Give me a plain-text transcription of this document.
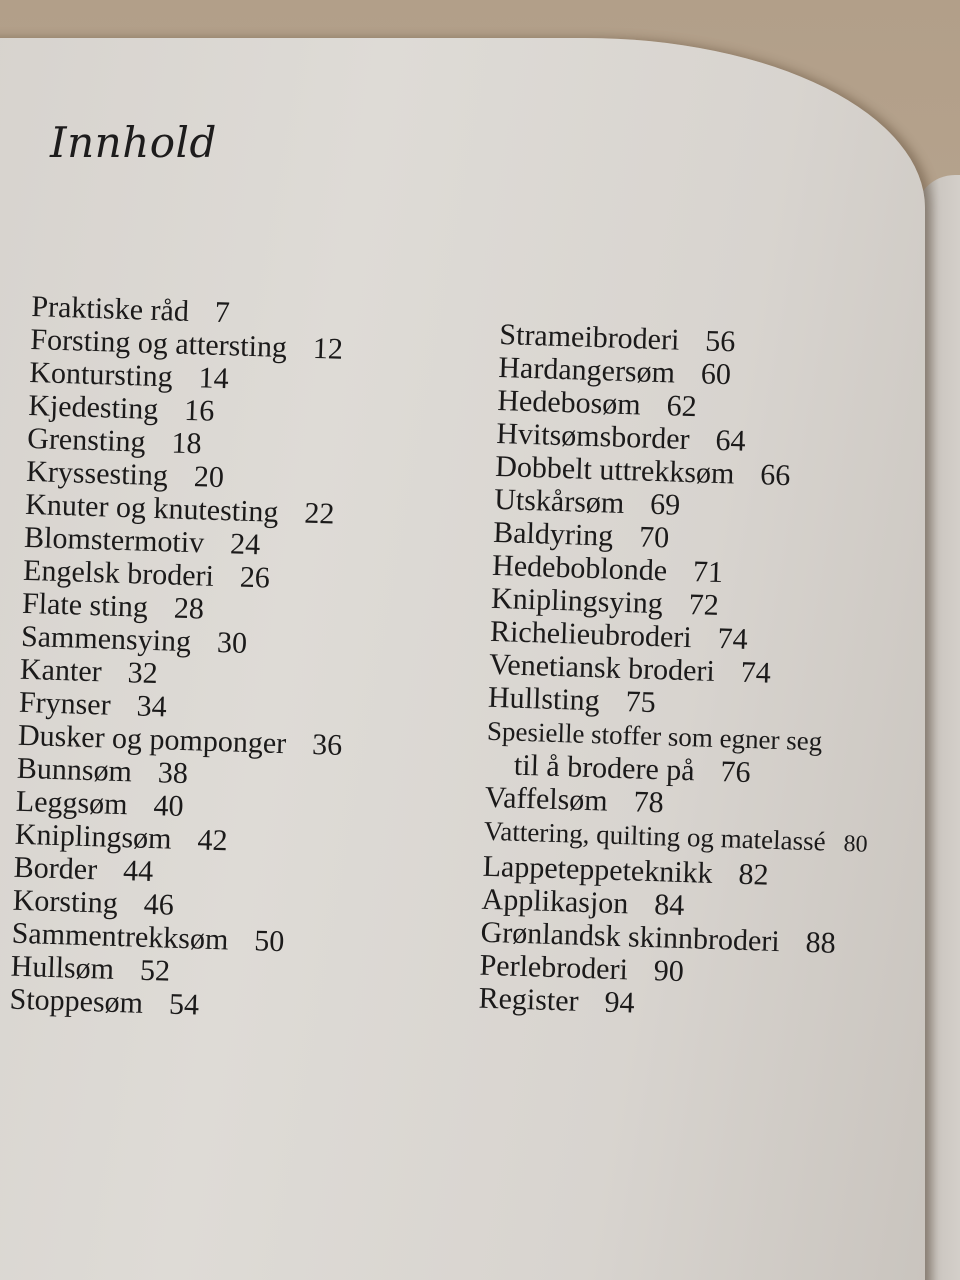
Innhold
Praktiske råd 7
Forsting og attersting 12
Kontursting 14
Kjedesting 16
Grensting 18
Kryssesting 20
Knuter og knutesting 22
Blomstermotiv 24
Engelsk broderi 26
Flate sting 28
Sammensying 30
Kanter 32
Frynser 34
Dusker og pomponger 36
Bunnsøm 38
Leggsøm 40
Kniplingsøm 42
Border 44
Korsting 46
Sammentrekksøm 50
Hullsøm 52
Stoppesøm 54
Strameibroderi 56
Hardangersøm 60
Hedebosøm 62
Hvitsømsborder 64
Dobbelt uttrekksøm 66
Utskårsøm 69
Baldyring 70
Hedeboblonde 71
Kniplingsying 72
Richelieubroderi 74
Venetiansk broderi 74
Hullsting 75
Spesielle stoffer som egner seg
til å brodere på 76
Vaffelsøm 78
Vattering, quilting og matelassé 80
Lappeteppeteknikk 82
Applikasjon 84
Grønlandsk skinnbroderi 88
Perlebroderi 90
Register 94
